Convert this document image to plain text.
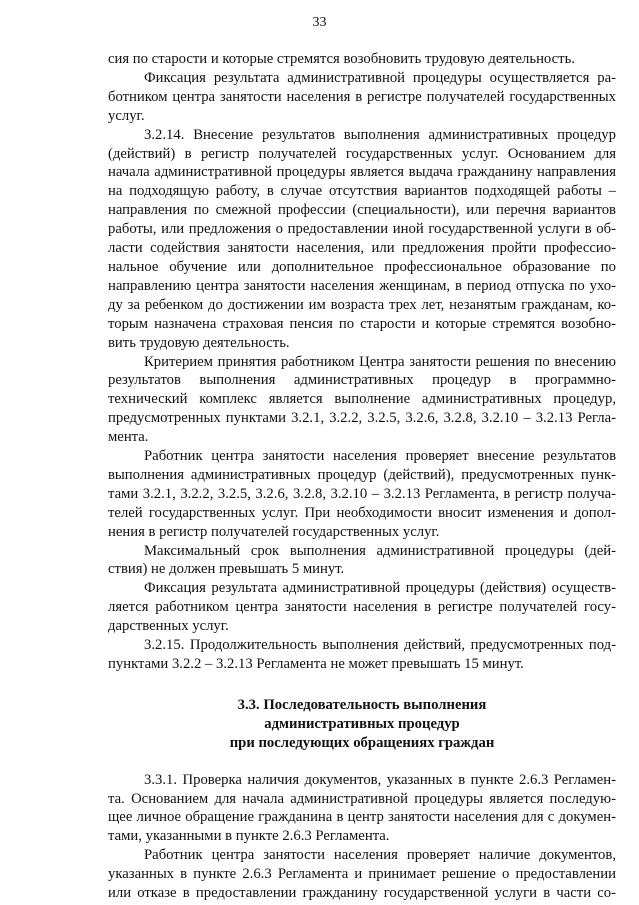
33
сия по старости и которые стремятся возобновить трудовую деятельность.
Фиксация результата административной процедуры осуществляется ра-
ботником центра занятости населения в регистре получателей государственных
услуг.
3.2.14. Внесение результатов выполнения административных процедур
(действий) в регистр получателей государственных услуг. Основанием для
начала административной процедуры является выдача гражданину направления
на подходящую работу, в случае отсутствия вариантов подходящей работы –
направления по смежной профессии (специальности), или перечня вариантов
работы, или предложения о предоставлении иной государственной услуги в об-
ласти содействия занятости населения, или предложения пройти профессио-
нальное обучение или дополнительное профессиональное образование по
направлению центра занятости населения женщинам, в период отпуска по ухо-
ду за ребенком до достижении им возраста трех лет, незанятым гражданам, ко-
торым назначена страховая пенсия по старости и которые стремятся возобно-
вить трудовую деятельность.
Критерием принятия работником Центра занятости решения по внесению
результатов выполнения административных процедур в программно-
технический комплекс является выполнение административных процедур,
предусмотренных пунктами 3.2.1, 3.2.2, 3.2.5, 3.2.6, 3.2.8, 3.2.10 – 3.2.13 Регла-
мента.
Работник центра занятости населения проверяет внесение результатов
выполнения административных процедур (действий), предусмотренных пунк-
тами 3.2.1, 3.2.2, 3.2.5, 3.2.6, 3.2.8, 3.2.10 – 3.2.13 Регламента, в регистр получа-
телей государственных услуг. При необходимости вносит изменения и допол-
нения в регистр получателей государственных услуг.
Максимальный срок выполнения административной процедуры (дей-
ствия) не должен превышать 5 минут.
Фиксация результата административной процедуры (действия) осуществ-
ляется работником центра занятости населения в регистре получателей госу-
дарственных услуг.
3.2.15. Продолжительность выполнения действий, предусмотренных под-
пунктами 3.2.2 – 3.2.13 Регламента не может превышать 15 минут.
3.3. Последовательность выполнения
административных процедур
при последующих обращениях граждан
3.3.1. Проверка наличия документов, указанных в пункте 2.6.3 Регламен-
та. Основанием для начала административной процедуры является последую-
щее личное обращение гражданина в центр занятости населения для с докумен-
тами, указанными в пункте 2.6.3 Регламента.
Работник центра занятости населения проверяет наличие документов,
указанных в пункте 2.6.3 Регламента и принимает решение о предоставлении
или отказе в предоставлении гражданину государственной услуги в части со-
